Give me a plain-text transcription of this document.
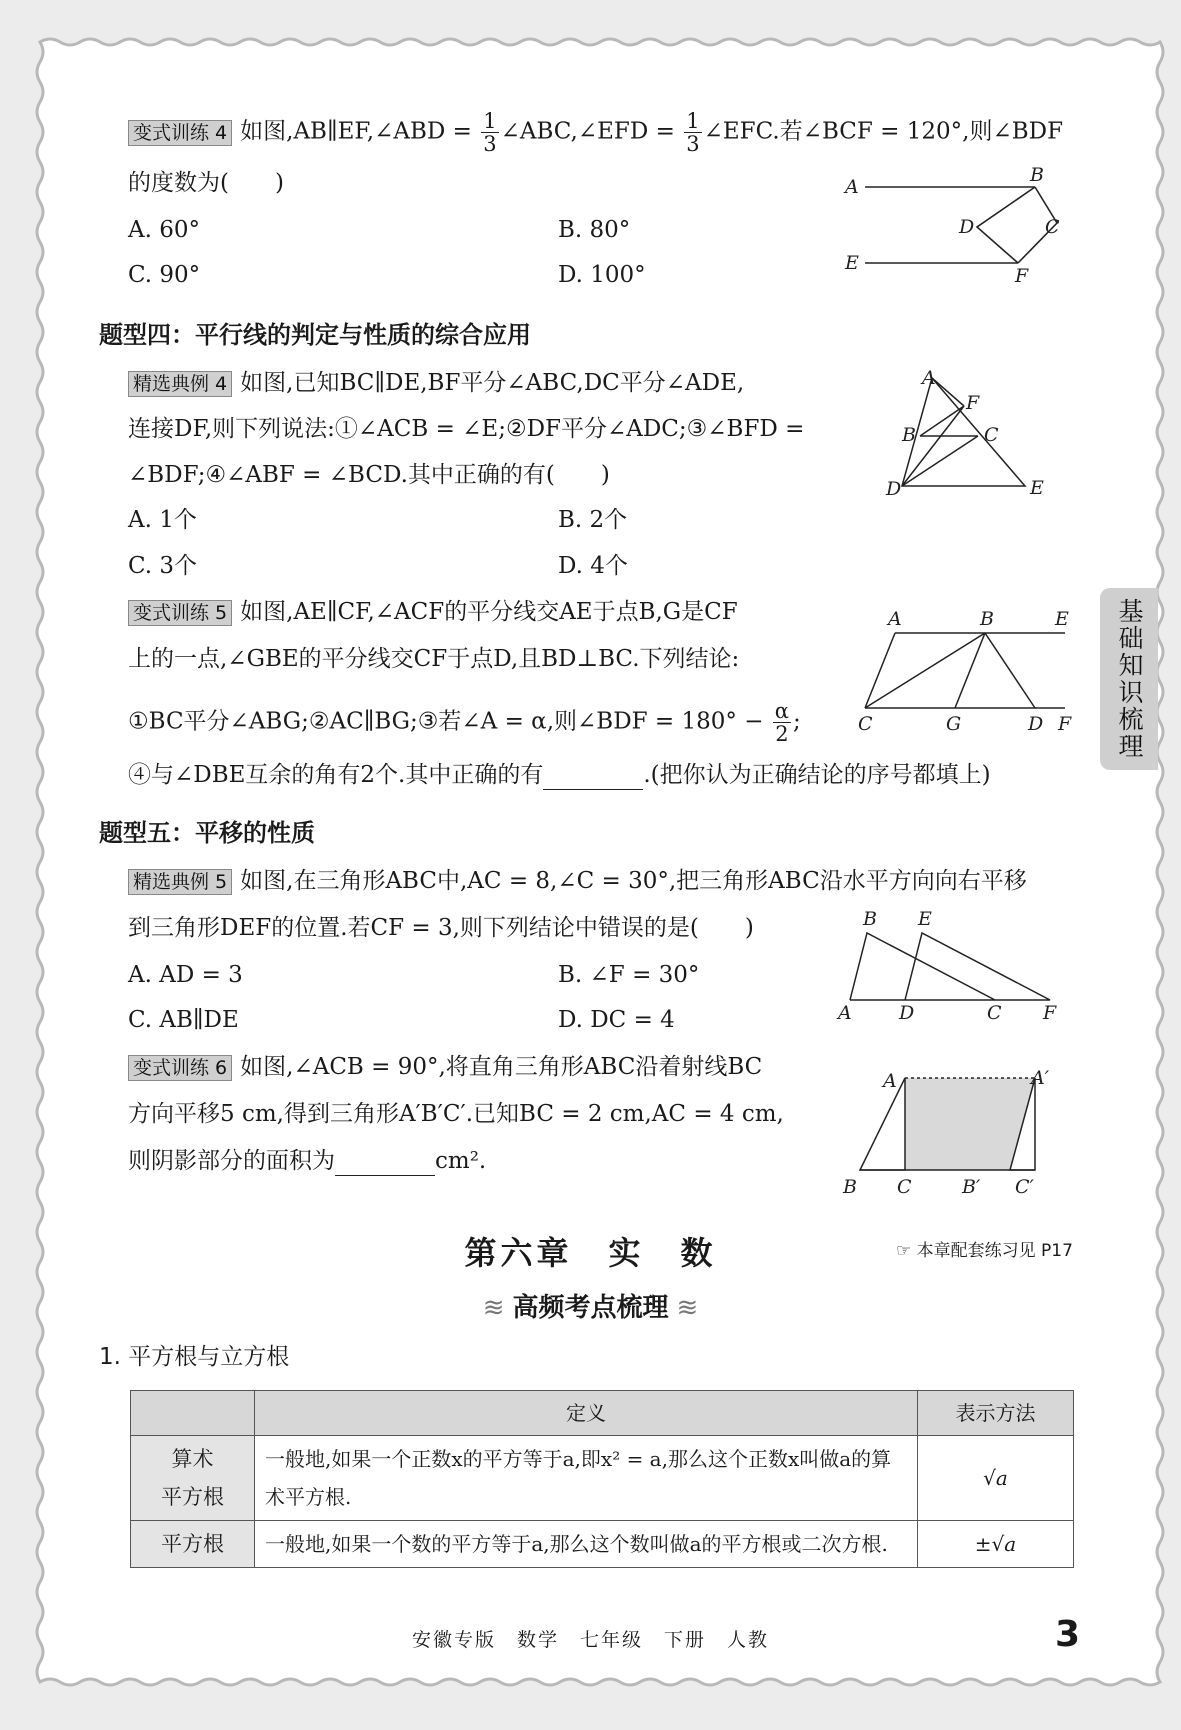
基础知识梳理
变式训练 4 如图,AB∥EF,∠ABD = $\frac{1}{3}$ ∠ABC,∠EFD = $\frac{1}{3}$ ∠EFC.若∠BCF = 120°,则∠BDF
的度数为(　　)
A. 60°	B. 80°
C. 90°	D. 100°
A
B
D	C
E
F
题型四：平行线的判定与性质的综合应用
精选典例 4 如图,已知BC∥DE,BF平分∠ABC,DC平分∠ADE,
连接DF,则下列说法:①∠ACB = ∠E;②DF平分∠ADC;③∠BFD =
∠BDF;④∠ABF = ∠BCD.其中正确的有(　　)
A. 1个	B. 2个
C. 3个	D. 4个
A
F
B	C
D	E
变式训练 5 如图,AE∥CF,∠ACF的平分线交AE于点B,G是CF
上的一点,∠GBE的平分线交CF于点D,且BD⊥BC.下列结论:
①BC平分∠ABG;②AC∥BG;③若∠A = α,则∠BDF = $180^\circ - \frac{\alpha}{2}$ ;
④与∠DBE互余的角有2个.其中正确的有	.(把你认为正确结论的序号都填上)
A	B	E
C	G	D F
题型五：平移的性质
精选典例 5 如图,在三角形ABC中,AC = 8,∠C = 30°,把三角形ABC沿水平方向向右平移
到三角形DEF的位置.若CF = 3,则下列结论中错误的是(　　)
A. AD = 3	B. ∠F = 30°
C. AB∥DE	D. DC = 4
B E
A D	C F
变式训练 6 如图,∠ACB = 90°,将直角三角形ABC沿着射线BC
方向平移5 cm,得到三角形A′B′C′.已知BC = 2 cm,AC = 4 cm,
则阴影部分的面积为	cm².
A	A′
B C	B′ C′
第六章　实　数	☞ 本章配套练习见 P17
≋ 高频考点梳理 ≋
1. 平方根与立方根
	定义	表示方法
算术
平方根	一般地,如果一个正数x的平方等于a,即x² = a,那么这个正数x叫做a的算术平方根.	√a
平方根	一般地,如果一个数的平方等于a,那么这个数叫做a的平方根或二次方根.	±√a
安徽专版　数学　七年级　下册　人教	3
